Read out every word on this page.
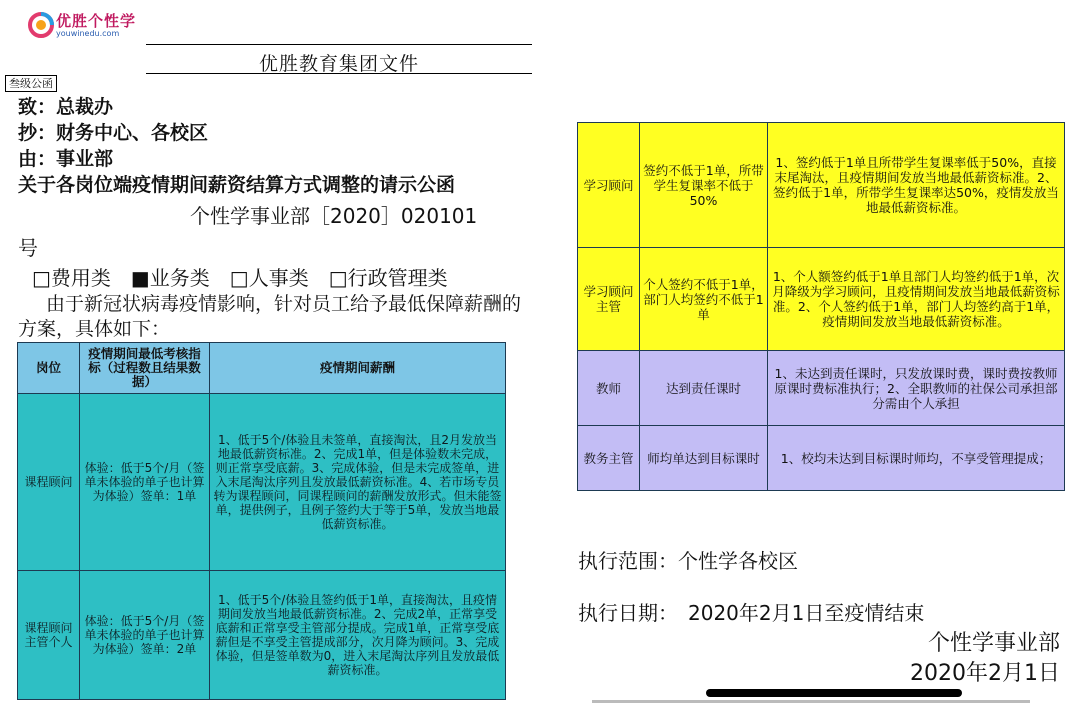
优胜个性学
youwinedu.com
优胜教育集团文件
叁级公函
致：总裁办
抄：财务中心、各校区
由：事业部
关于各岗位端疫情期间薪资结算方式调整的请示公函
个性学事业部［2020］020101
号
□费用类　■业务类　□人事类　□行政管理类
由于新冠状病毒疫情影响，针对员工给予最低保障薪酬的方案，具体如下：
岗位	疫情期间最低考核指标（过程数且结果数据）	疫情期间薪酬
课程顾问	体验：低于5个/月（签单未体验的单子也计算为体验）签单：1单	1、低于5个/体验且未签单，直接淘汰，且2月发放当地最低薪资标准。2、完成1单，但是体验数未完成，则正常享受底薪。3、完成体验，但是未完成签单，进入末尾淘汰序列且发放最低薪资标准。4、若市场专员转为课程顾问，同课程顾问的薪酬发放形式。但未能签单，提供例子，且例子签约大于等于5单，发放当地最低薪资标准。
课程顾问主管个人	体验：低于5个/月（签单未体验的单子也计算为体验）签单：2单	1、低于5个/体验且签约低于1单，直接淘汰，且疫情期间发放当地最低薪资标准。2、完成2单，正常享受底薪和正常享受主管部分提成。完成1单，正常享受底薪但是不享受主管提成部分，次月降为顾问。3、完成体验，但是签单数为0，进入末尾淘汰序列且发放最低薪资标准。
学习顾问	签约不低于1单，所带学生复课率不低于50%	1、签约低于1单且所带学生复课率低于50%，直接末尾淘汰，且疫情期间发放当地最低薪资标准。2、签约低于1单，所带学生复课率达50%，疫情发放当地最低薪资标准。
学习顾问主管	个人签约不低于1单，部门人均签约不低于1单	1、个人额签约低于1单且部门人均签约低于1单，次月降级为学习顾问，且疫情期间发放当地最低薪资标准。2、个人签约低于1单，部门人均签约高于1单，疫情期间发放当地最低薪资标准。
教师	达到责任课时	1、未达到责任课时，只发放课时费，课时费按教师原课时费标准执行；2、全职教师的社保公司承担部分需由个人承担
教务主管	师均单达到目标课时	1、校均未达到目标课时师均，不享受管理提成；
执行范围：个性学各校区
执行日期：　2020年2月1日至疫情结束
个性学事业部
2020年2月1日
